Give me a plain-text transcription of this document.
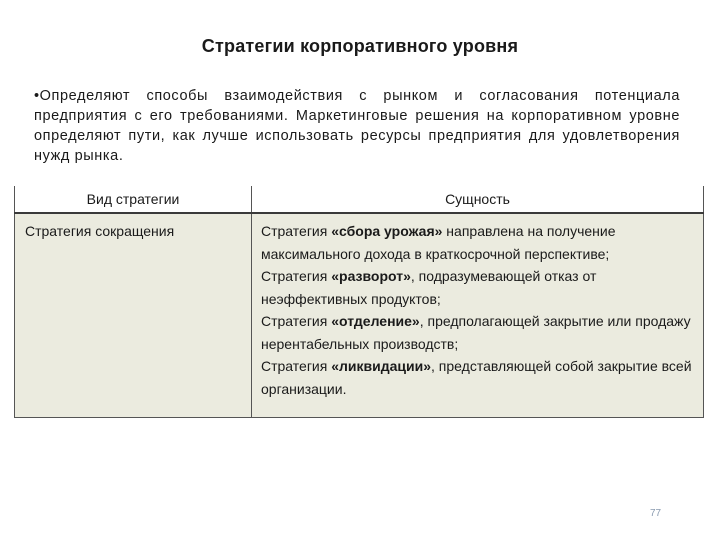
Стратегии корпоративного уровня
•Определяют способы взаимодействия с рынком и согласования потенциала предприятия с его требованиями. Маркетинговые решения на корпоративном уровне определяют пути, как лучше использовать ресурсы предприятия для удовлетворения нужд рынка.
Вид стратегии	Сущность
Стратегия сокращения	Стратегия «сбора урожая» направлена на получение максимального дохода в краткосрочной перспективе;
Стратегия «разворот», подразумевающей отказ от неэффективных продуктов;
Стратегия «отделение», предполагающей закрытие или продажу нерентабельных производств;
Стратегия «ликвидации», представляющей собой закрытие всей организации.
77
